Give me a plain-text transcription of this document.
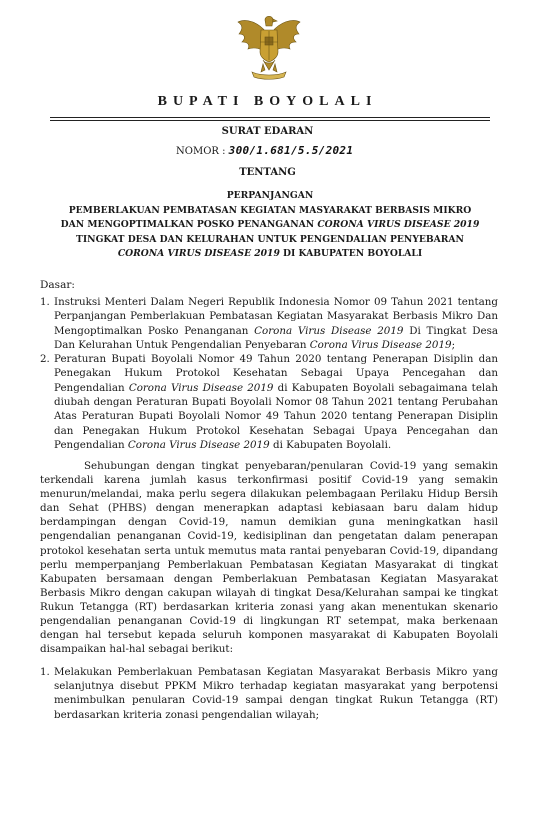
BUPATI BOYOLALI
SURAT EDARAN
NOMOR : 300/1.681/5.5/2021
TENTANG
PERPANJANGAN
PEMBERLAKUAN PEMBATASAN KEGIATAN MASYARAKAT BERBASIS MIKRO
DAN MENGOPTIMALKAN POSKO PENANGANAN CORONA VIRUS DISEASE 2019
TINGKAT DESA DAN KELURAHAN UNTUK PENGENDALIAN PENYEBARAN
CORONA VIRUS DISEASE 2019 DI KABUPATEN BOYOLALI
Dasar:
1. Instruksi Menteri Dalam Negeri Republik Indonesia Nomor 09 Tahun 2021 tentang Perpanjangan Pemberlakuan Pembatasan Kegiatan Masyarakat Berbasis Mikro Dan Mengoptimalkan Posko Penanganan Corona Virus Disease 2019 Di Tingkat Desa Dan Kelurahan Untuk Pengendalian Penyebaran Corona Virus Disease 2019;
2. Peraturan Bupati Boyolali Nomor 49 Tahun 2020 tentang Penerapan Disiplin dan Penegakan Hukum Protokol Kesehatan Sebagai Upaya Pencegahan dan Pengendalian Corona Virus Disease 2019 di Kabupaten Boyolali sebagaimana telah diubah dengan Peraturan Bupati Boyolali Nomor 08 Tahun 2021 tentang Perubahan Atas Peraturan Bupati Boyolali Nomor 49 Tahun 2020 tentang Penerapan Disiplin dan Penegakan Hukum Protokol Kesehatan Sebagai Upaya Pencegahan dan Pengendalian Corona Virus Disease 2019 di Kabupaten Boyolali.
Sehubungan dengan tingkat penyebaran/penularan Covid-19 yang semakin terkendali karena jumlah kasus terkonfirmasi positif Covid-19 yang semakin menurun/melandai, maka perlu segera dilakukan pelembagaan Perilaku Hidup Bersih dan Sehat (PHBS) dengan menerapkan adaptasi kebiasaan baru dalam hidup berdampingan dengan Covid-19, namun demikian guna meningkatkan hasil pengendalian penanganan Covid-19, kedisiplinan dan pengetatan dalam penerapan protokol kesehatan serta untuk memutus mata rantai penyebaran Covid-19, dipandang perlu memperpanjang Pemberlakuan Pembatasan Kegiatan Masyarakat di tingkat Kabupaten bersamaan dengan Pemberlakuan Pembatasan Kegiatan Masyarakat Berbasis Mikro dengan cakupan wilayah di tingkat Desa/Kelurahan sampai ke tingkat Rukun Tetangga (RT) berdasarkan kriteria zonasi yang akan menentukan skenario pengendalian penanganan Covid-19 di lingkungan RT setempat, maka berkenaan dengan hal tersebut kepada seluruh komponen masyarakat di Kabupaten Boyolali disampaikan hal-hal sebagai berikut:
1. Melakukan Pemberlakuan Pembatasan Kegiatan Masyarakat Berbasis Mikro yang selanjutnya disebut PPKM Mikro terhadap kegiatan masyarakat yang berpotensi menimbulkan penularan Covid-19 sampai dengan tingkat Rukun Tetangga (RT) berdasarkan kriteria zonasi pengendalian wilayah;
